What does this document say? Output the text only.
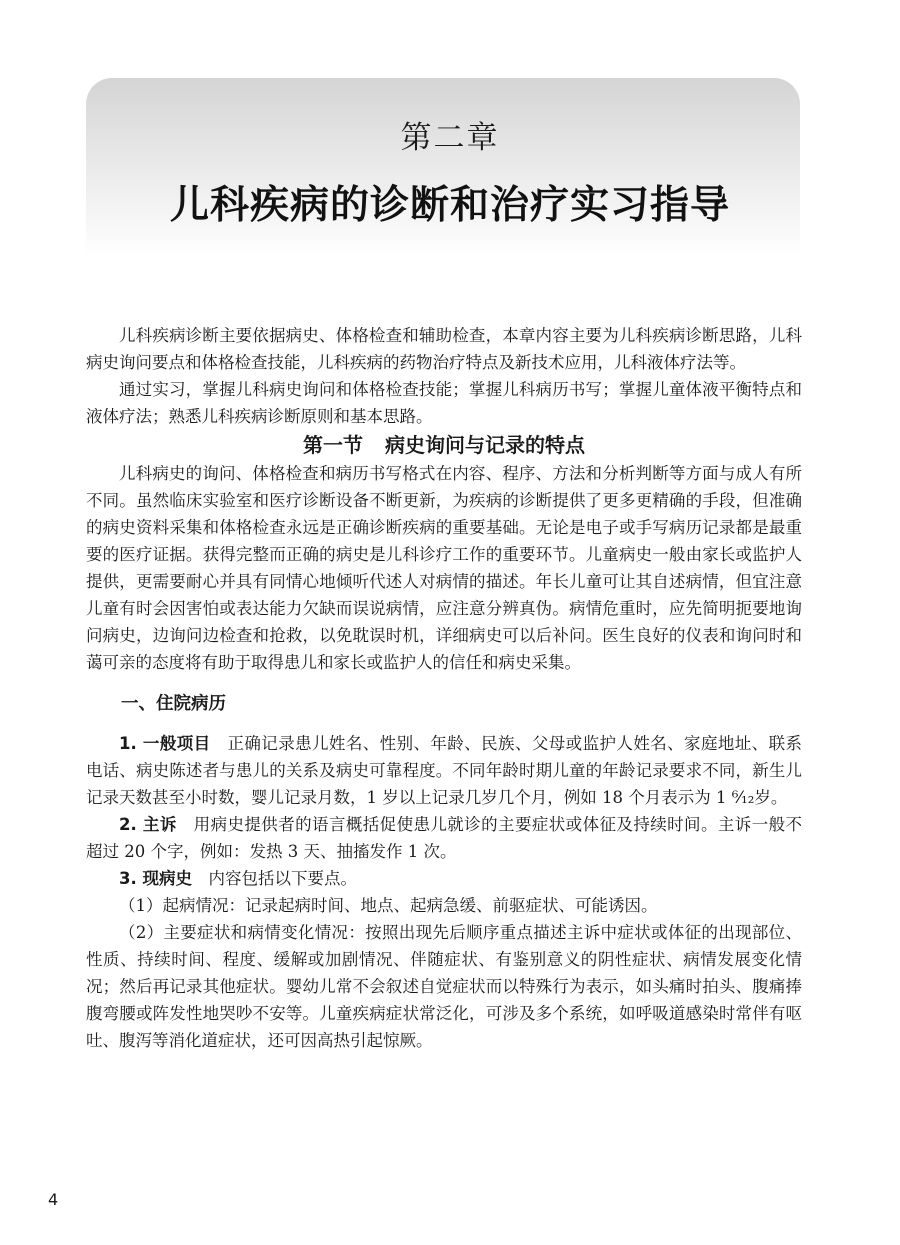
第二章
儿科疾病的诊断和治疗实习指导

儿科疾病诊断主要依据病史、体格检查和辅助检查，本章内容主要为儿科疾病诊断思路，儿科病史询问要点和体格检查技能，儿科疾病的药物治疗特点及新技术应用，儿科液体疗法等。

通过实习，掌握儿科病史询问和体格检查技能；掌握儿科病历书写；掌握儿童体液平衡特点和液体疗法；熟悉儿科疾病诊断原则和基本思路。

第一节 病史询问与记录的特点

儿科病史的询问、体格检查和病历书写格式在内容、程序、方法和分析判断等方面与成人有所不同。虽然临床实验室和医疗诊断设备不断更新，为疾病的诊断提供了更多更精确的手段，但准确的病史资料采集和体格检查永远是正确诊断疾病的重要基础。无论是电子或手写病历记录都是最重要的医疗证据。获得完整而正确的病史是儿科诊疗工作的重要环节。儿童病史一般由家长或监护人提供，更需要耐心并具有同情心地倾听代述人对病情的描述。年长儿童可让其自述病情，但宜注意儿童有时会因害怕或表达能力欠缺而误说病情，应注意分辨真伪。病情危重时，应先简明扼要地询问病史，边询问边检查和抢救，以免耽误时机，详细病史可以后补问。医生良好的仪表和询问时和蔼可亲的态度将有助于取得患儿和家长或监护人的信任和病史采集。

一、住院病历

1. 一般项目　 正确记录患儿姓名、性别、年龄、民族、父母或监护人姓名、家庭地址、联系电话、病史陈述者与患儿的关系及病史可靠程度。不同年龄时期儿童的年龄记录要求不同，新生儿记录天数甚至小时数，婴儿记录月数，1 岁以上记录几岁几个月，例如 18 个月表示为 1 ⁶⁄₁₂岁。

2. 主诉　 用病史提供者的语言概括促使患儿就诊的主要症状或体征及持续时间。主诉一般不超过 20 个字，例如：发热 3 天、抽搐发作 1 次。

3. 现病史　 内容包括以下要点。

（1）起病情况：记录起病时间、地点、起病急缓、前驱症状、可能诱因。

（2）主要症状和病情变化情况：按照出现先后顺序重点描述主诉中症状或体征的出现部位、性质、持续时间、程度、缓解或加剧情况、伴随症状、有鉴别意义的阴性症状、病情发展变化情况；然后再记录其他症状。婴幼儿常不会叙述自觉症状而以特殊行为表示，如头痛时拍头、腹痛捧腹弯腰或阵发性地哭吵不安等。儿童疾病症状常泛化，可涉及多个系统，如呼吸道感染时常伴有呕吐、腹泻等消化道症状，还可因高热引起惊厥。

4
